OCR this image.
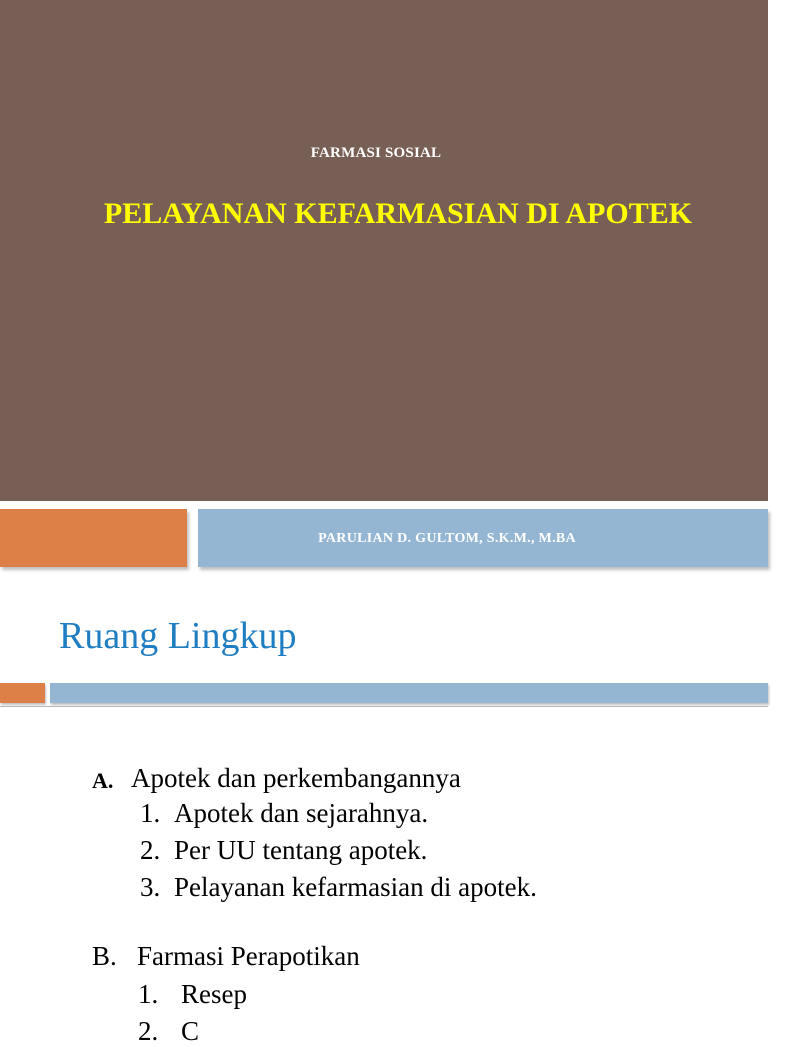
FARMASI SOSIAL
PELAYANAN KEFARMASIAN DI APOTEK
PARULIAN D. GULTOM, S.K.M., M.BA
Ruang Lingkup
A. Apotek dan perkembangannya
1. Apotek dan sejarahnya.
2. Per UU tentang apotek.
3. Pelayanan kefarmasian di apotek.
B. Farmasi Perapotikan
1. Resep
2. C
